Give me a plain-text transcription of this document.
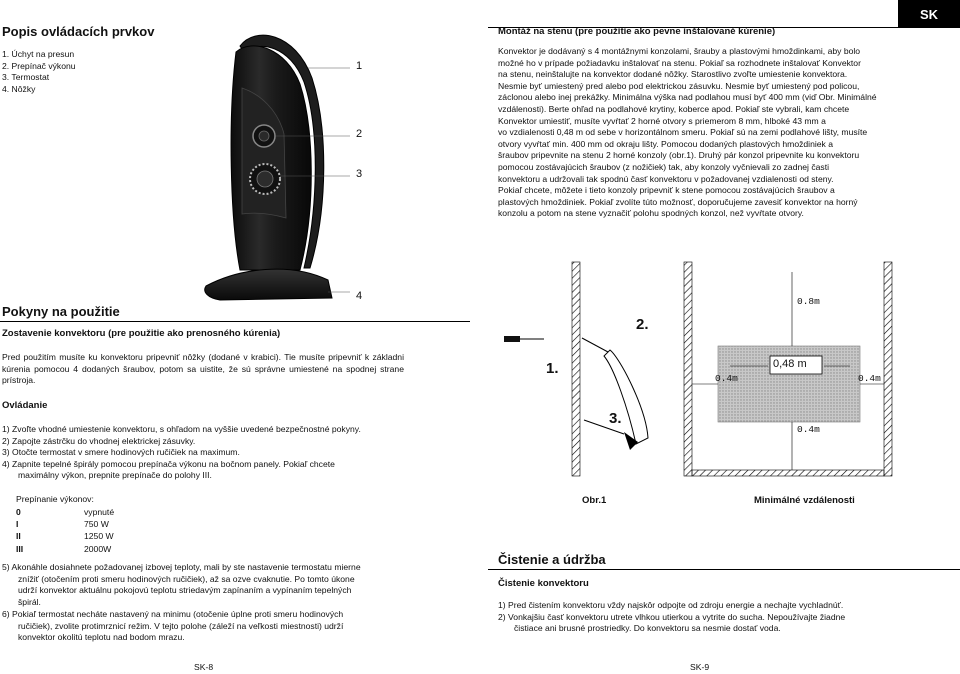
Popis ovládacích prvkov
1. Úchyt na presun
2. Prepínač výkonu
3. Termostat
4. Nôžky
1
2
3
4
Pokyny na použitie
Zostavenie konvektoru (pre použitie ako prenosného kúrenia)
Pred použitím musíte ku konvektoru pripevniť nôžky (dodané v krabici). Tie musíte pripevniť k základni kúrenia pomocou 4 dodaných šraubov, potom sa uistite, že sú správne umiestené na spodnej strane prístroja.
Ovládanie
1) Zvoľte vhodné umiestenie konvektoru, s ohľadom na vyššie uvedené bezpečnostné pokyny.
2) Zapojte zástrčku do vhodnej elektrickej zásuvky.
3) Otočte termostat v smere hodinových ručičiek na maximum.
4) Zapnite tepelné špirály pomocou prepínača výkonu na bočnom panely. Pokiaľ chcete
maximálny výkon, prepnite prepínače do polohy III.
Prepínanie výkonov:
0	vypnuté
I	750 W
II	1250 W
III	2000W
5) Akonáhle dosiahnete požadovanej izbovej teploty, mali by ste nastavenie termostatu mierne
znížiť (otočením proti smeru hodinových ručičiek), až sa ozve cvaknutie. Po tomto úkone
udrží konvektor aktuálnu pokojovú teplotu striedavým zapínaním a vypínaním tepelných
špirál.
6) Pokiaľ termostat necháte nastavený na minimu (otočenie úplne proti smeru hodinových
ručičiek), zvolite protimrznicí režim. V tejto polohe (záleží na veľkosti miestnosti) udrží
konvektor okolitú teplotu nad bodom mrazu.
SK-8
SK
Montáž na stenu (pre použitie ako pevne inštalované kúrenie)
Konvektor je dodávaný s 4 montážnymi konzolami, šrauby a plastovými hmoždinkami, aby bolo
možné ho v prípade požiadavku inštalovať na stenu. Pokiaľ sa rozhodnete inštalovať Konvektor
na stenu, neinštalujte na konvektor dodané nôžky. Starostlivo zvoľte umiestenie konvektora.
Nesmie byť umiestený pred alebo pod elektrickou zásuvku. Nesmie byť umiestený pod policou,
záclonou alebo inej prekážky. Minimálna výška nad podlahou musí byť 400 mm (viď Obr. Minimálné
vzdálenosti). Berte ohľad na podlahové krytiny, koberce apod. Pokiaľ ste vybrali, kam chcete
Konvektor umiestiť, musíte vyvŕtať 2 horné otvory s priemerom 8 mm, hlboké 43 mm a
vo vzdialenosti 0,48 m od sebe v horizontálnom smeru. Pokiaľ sú na zemi podlahové lišty, musíte
otvory vyvŕtať min. 400 mm od okraju lišty. Pomocou dodaných plastových hmoždiniek a
šraubov pripevnite na stenu 2 horné konzoly (obr.1). Druhý pár konzol pripevnite ku konvektoru
pomocou zostávajúcich šraubov (z nožičiek) tak, aby konzoly vyčnievali zo zadnej časti
konvektoru a udržovali tak spodnú časť konvektoru v požadovanej vzdialenosti od steny.
Pokiaľ chcete, môžete i tieto konzoly pripevniť k stene pomocou zostávajúcich šraubov a
plastových hmoždiniek. Pokiaľ zvolíte túto možnosť, doporučujeme zavesiť konvektor na horný
konzolu a potom na stene vyznačiť polohu spodných konzol, než vyvŕtate otvory.
2.
1.
3.
0,48 m
0.8m
0.4m	0.4m
0.4m
Obr.1	Minimálné vzdálenosti
Čistenie a údržba
Čistenie konvektoru
1) Pred čistením konvektoru vždy najskôr odpojte od zdroju energie a nechajte vychladnúť.
2) Vonkajšiu časť konvektoru utrete vlhkou utierkou a vytrite do sucha. Nepoužívajte žiadne
čistiace ani brusné prostriedky. Do konvektoru sa nesmie dostať voda.
SK-9
